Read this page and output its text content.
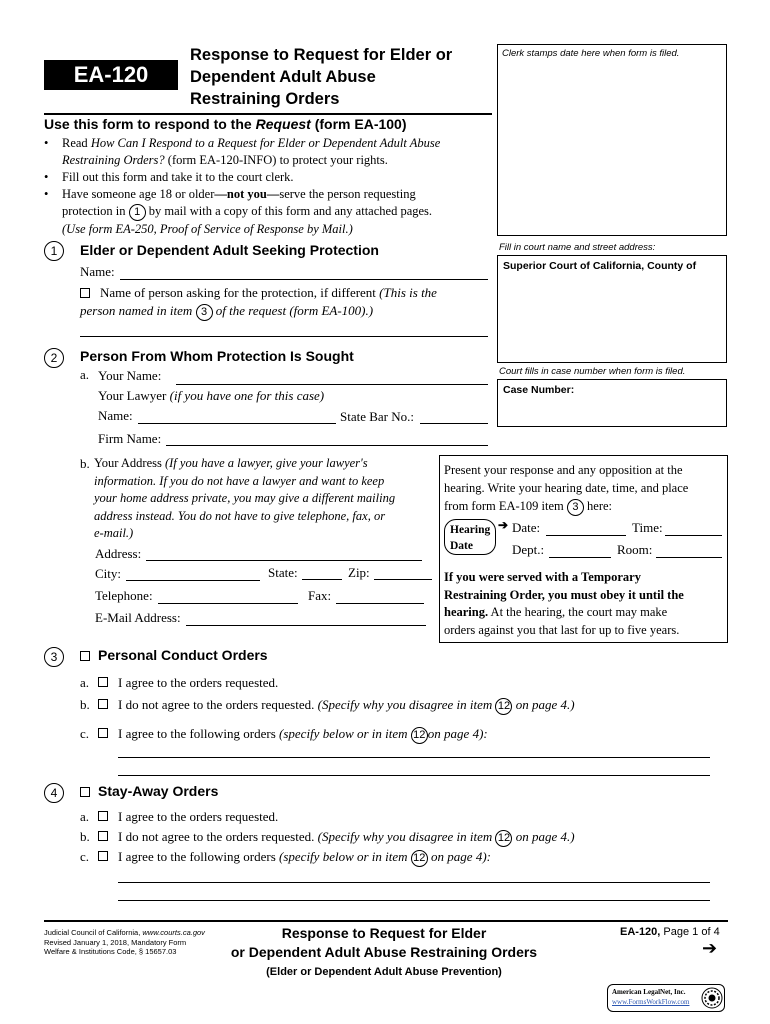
EA-120
Response to Request for Elder or
Dependent Adult Abuse
Restraining Orders
Clerk stamps date here when form is filed.
Fill in court name and street address:
Superior Court of California, County of
Court fills in case number when form is filed.
Case Number:
Use this form to respond to the Request (form EA-100)
• Read How Can I Respond to a Request for Elder or Dependent Adult Abuse
Restraining Orders? (form EA-120-INFO) to protect your rights.
• Fill out this form and take it to the court clerk.
• Have someone age 18 or older—not you—serve the person requesting
protection in 1 by mail with a copy of this form and any attached pages.
(Use form EA-250, Proof of Service of Response by Mail.)
1	Elder or Dependent Adult Seeking Protection
Name:
Name of person asking for the protection, if different (This is the
person named in item 3 of the request (form EA-100).)
2	Person From Whom Protection Is Sought
a. Your Name:
Your Lawyer (if you have one for this case)
Name:	State Bar No.:
Firm Name:
b. Your Address (If you have a lawyer, give your lawyer's
information. If you do not have a lawyer and want to keep
your home address private, you may give a different mailing
address instead. You do not have to give telephone, fax, or
e-mail.)
Address:
City:	State:	Zip:
Telephone:	Fax:
E-Mail Address:
Present your response and any opposition at the
hearing. Write your hearing date, time, and place
from form EA-109 item 3 here:
Hearing
Date
➔ Date:	Time:
Dept.:	Room:
If you were served with a Temporary
Restraining Order, you must obey it until the
hearing. At the hearing, the court may make
orders against you that last for up to five years.
3	Personal Conduct Orders
a. I agree to the orders requested.
b. I do not agree to the orders requested. (Specify why you disagree in item 12 on page 4.)
c. I agree to the following orders (specify below or in item 12 on page 4):
4	Stay-Away Orders
a. I agree to the orders requested.
b. I do not agree to the orders requested. (Specify why you disagree in item 12 on page 4.)
c. I agree to the following orders (specify below or in item 12 on page 4):
Judicial Council of California, www.courts.ca.gov
Revised January 1, 2018, Mandatory Form
Welfare & Institutions Code, § 15657.03
Response to Request for Elder
or Dependent Adult Abuse Restraining Orders
(Elder or Dependent Adult Abuse Prevention)
EA-120, Page 1 of 4
➔
American LegalNet, Inc.
www.FormsWorkFlow.com
